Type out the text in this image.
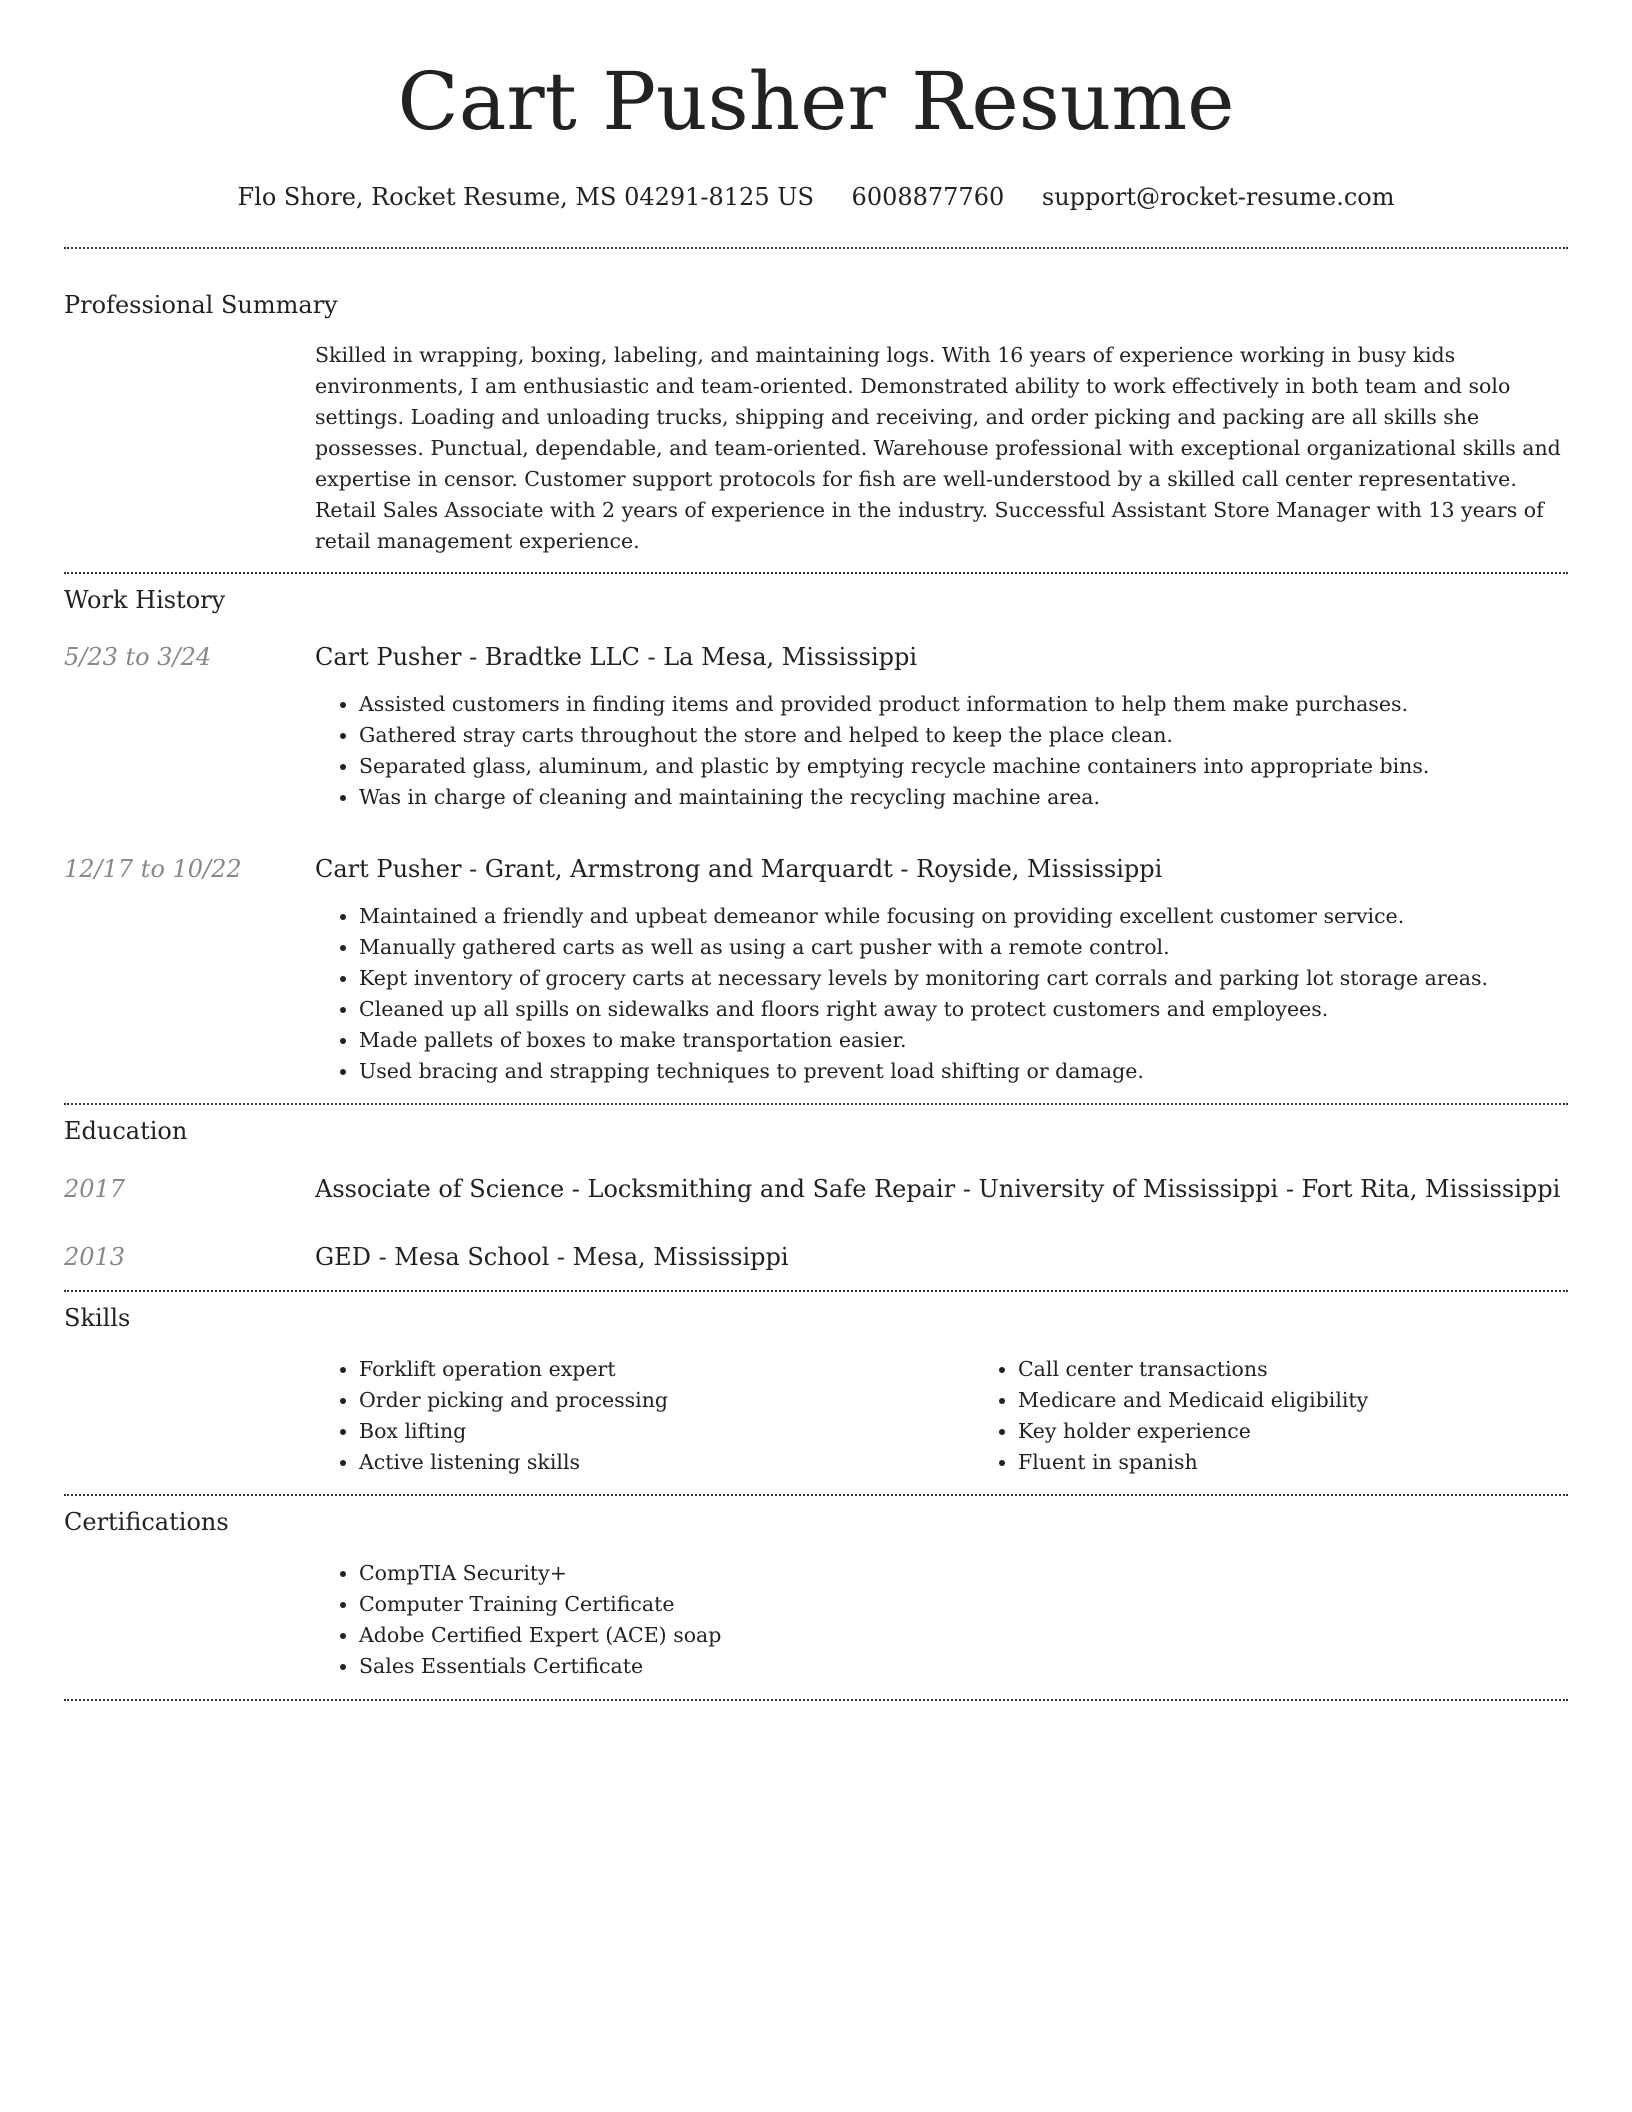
Cart Pusher Resume
Flo Shore, Rocket Resume, MS 04291-8125 US 6008877760 support@rocket-resume.com
Professional Summary

Skilled in wrapping, boxing, labeling, and maintaining logs. With 16 years of experience working in busy kids environments, I am enthusiastic and team-oriented. Demonstrated ability to work effectively in both team and solo settings. Loading and unloading trucks, shipping and receiving, and order picking and packing are all skills she possesses. Punctual, dependable, and team-oriented. Warehouse professional with exceptional organizational skills and expertise in censor. Customer support protocols for fish are well-understood by a skilled call center representative. Retail Sales Associate with 2 years of experience in the industry. Successful Assistant Store Manager with 13 years of retail management experience.

Work History
5/23 to 3/24	Cart Pusher - Bradtke LLC - La Mesa, Mississippi
• Assisted customers in finding items and provided product information to help them make purchases.
• Gathered stray carts throughout the store and helped to keep the place clean.
• Separated glass, aluminum, and plastic by emptying recycle machine containers into appropriate bins.
• Was in charge of cleaning and maintaining the recycling machine area.
12/17 to 10/22	Cart Pusher - Grant, Armstrong and Marquardt - Royside, Mississippi
• Maintained a friendly and upbeat demeanor while focusing on providing excellent customer service.
• Manually gathered carts as well as using a cart pusher with a remote control.
• Kept inventory of grocery carts at necessary levels by monitoring cart corrals and parking lot storage areas.
• Cleaned up all spills on sidewalks and floors right away to protect customers and employees.
• Made pallets of boxes to make transportation easier.
• Used bracing and strapping techniques to prevent load shifting or damage.
Education
2017	Associate of Science - Locksmithing and Safe Repair - University of Mississippi - Fort Rita, Mississippi
2013	GED - Mesa School - Mesa, Mississippi
Skills
• Forklift operation expert
• Order picking and processing
• Box lifting
• Active listening skills
• Call center transactions
• Medicare and Medicaid eligibility
• Key holder experience
• Fluent in spanish
Certifications
• CompTIA Security+
• Computer Training Certificate
• Adobe Certified Expert (ACE) soap
• Sales Essentials Certificate
